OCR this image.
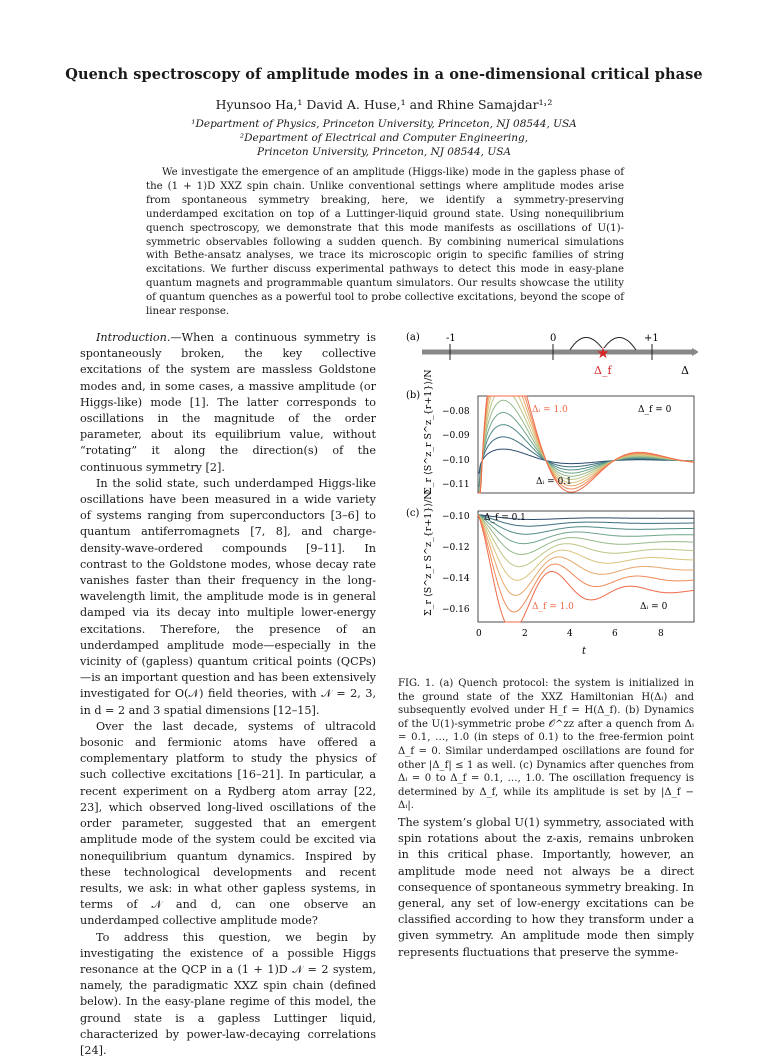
Quench spectroscopy of amplitude modes in a one-dimensional critical phase
Hyunsoo Ha,¹ David A. Huse,¹ and Rhine Samajdar¹˒²
¹Department of Physics, Princeton University, Princeton, NJ 08544, USA
²Department of Electrical and Computer Engineering,
Princeton University, Princeton, NJ 08544, USA
We investigate the emergence of an amplitude (Higgs-like) mode in the gapless phase of the (1 + 1)D XXZ spin chain. Unlike conventional settings where amplitude modes arise from spontaneous symmetry breaking, here, we identify a symmetry-preserving underdamped excitation on top of a Luttinger-liquid ground state. Using nonequilibrium quench spectroscopy, we demonstrate that this mode manifests as oscillations of U(1)-symmetric observables following a sudden quench. By combining numerical simulations with Bethe-ansatz analyses, we trace its microscopic origin to specific families of string excitations. We further discuss experimental pathways to detect this mode in easy-plane quantum magnets and programmable quantum simulators. Our results showcase the utility of quantum quenches as a powerful tool to probe collective excitations, beyond the scope of linear response.

Introduction.—When a continuous symmetry is spontaneously broken, the key collective excitations of the system are massless Goldstone modes and, in some cases, a massive amplitude (or Higgs-like) mode [1]. The latter corresponds to oscillations in the magnitude of the order parameter, about its equilibrium value, without “rotating” it along the direction(s) of the continuous symmetry [2].

In the solid state, such underdamped Higgs-like oscillations have been measured in a wide variety of systems ranging from superconductors [3–6] to quantum antiferromagnets [7, 8], and charge-density-wave-ordered compounds [9–11]. In contrast to the Goldstone modes, whose decay rate vanishes faster than their frequency in the long-wavelength limit, the amplitude mode is in general damped via its decay into multiple lower-energy excitations. Therefore, the presence of an underdamped amplitude mode—especially in the vicinity of (gapless) quantum critical points (QCPs)—is an important question and has been extensively investigated for O(𝒩) field theories, with 𝒩 = 2, 3, in d = 2 and 3 spatial dimensions [12–15].

Over the last decade, systems of ultracold bosonic and fermionic atoms have offered a complementary platform to study the physics of such collective excitations [16–21]. In particular, a recent experiment on a Rydberg atom array [22, 23], which observed long-lived oscillations of the order parameter, suggested that an emergent amplitude mode of the system could be excited via nonequilibrium quantum dynamics. Inspired by these technological developments and recent results, we ask: in what other gapless systems, in terms of 𝒩 and d, can one observe an underdamped collective amplitude mode?

To address this question, we begin by investigating the existence of a possible Higgs resonance at the QCP in a (1 + 1)D 𝒩 = 2 system, namely, the paradigmatic XXZ spin chain (defined below). In the easy-plane regime of this model, the ground state is a gapless Luttinger liquid, characterized by power-law-decaying correlations [24].

(a)	-1	0	+1
★
Δ_f	Δ
(b) Σ_r ⟨S^z_r S^z_{r+1}⟩/N −0.08
−0.09
−0.10
−0.11
Δᵢ = 1.0	Δ_f = 0
Δᵢ = 0.1
(c) Σ_r ⟨S^z_r S^z_{r+1}⟩/N −0.10
−0.12
−0.14
−0.16
Δ_f = 0.1
Δ_f = 1.0	Δᵢ = 0
0	2	4	6	8
t
FIG. 1. (a) Quench protocol: the system is initialized in the ground state of the XXZ Hamiltonian H(Δᵢ) and subsequently evolved under H_f = H(Δ_f). (b) Dynamics of the U(1)-symmetric probe 𝒪^zz after a quench from Δᵢ = 0.1, …, 1.0 (in steps of 0.1) to the free-fermion point Δ_f = 0. Similar underdamped oscillations are found for other |Δ_f| ≤ 1 as well. (c) Dynamics after quenches from Δᵢ = 0 to Δ_f = 0.1, …, 1.0. The oscillation frequency is determined by Δ_f, while its amplitude is set by |Δ_f − Δᵢ|.

The system’s global U(1) symmetry, associated with spin rotations about the z-axis, remains unbroken in this critical phase. Importantly, however, an amplitude mode need not always be a direct consequence of spontaneous symmetry breaking. In general, any set of low-energy excitations can be classified according to how they transform under a given symmetry. An amplitude mode then simply represents fluctuations that preserve the symme-
